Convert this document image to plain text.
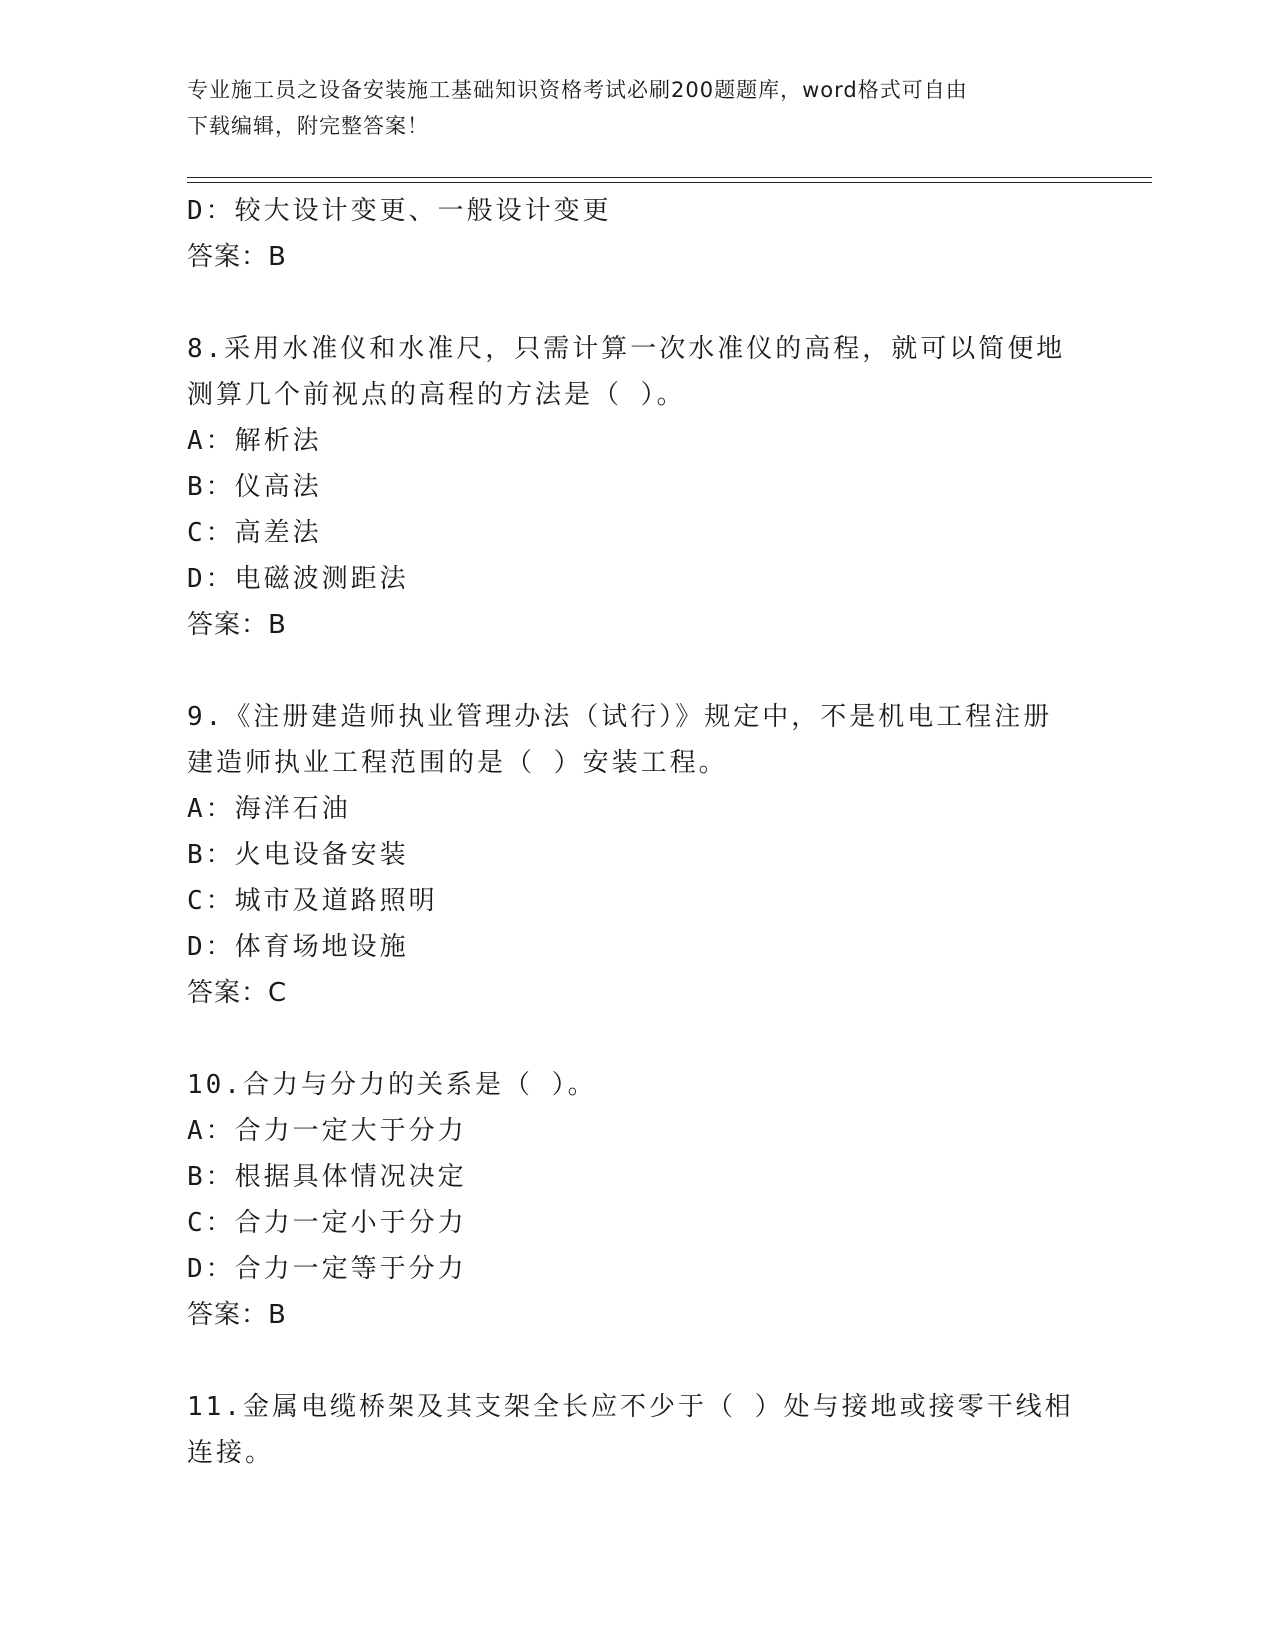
专业施工员之设备安装施工基础知识资格考试必刷200题题库，word格式可自由
下载编辑，附完整答案！
D：较大设计变更、一般设计变更
答案：B
8.采用水准仪和水准尺，只需计算一次水准仪的高程，就可以简便地
测算几个前视点的高程的方法是（ ）。
A：解析法
B：仪高法
C：高差法
D：电磁波测距法
答案：B
9.《注册建造师执业管理办法（试行）》规定中，不是机电工程注册
建造师执业工程范围的是（ ）安装工程。
A：海洋石油
B：火电设备安装
C：城市及道路照明
D：体育场地设施
答案：C
10.合力与分力的关系是（ ）。
A：合力一定大于分力
B：根据具体情况决定
C：合力一定小于分力
D：合力一定等于分力
答案：B
11.金属电缆桥架及其支架全长应不少于（ ）处与接地或接零干线相
连接。
